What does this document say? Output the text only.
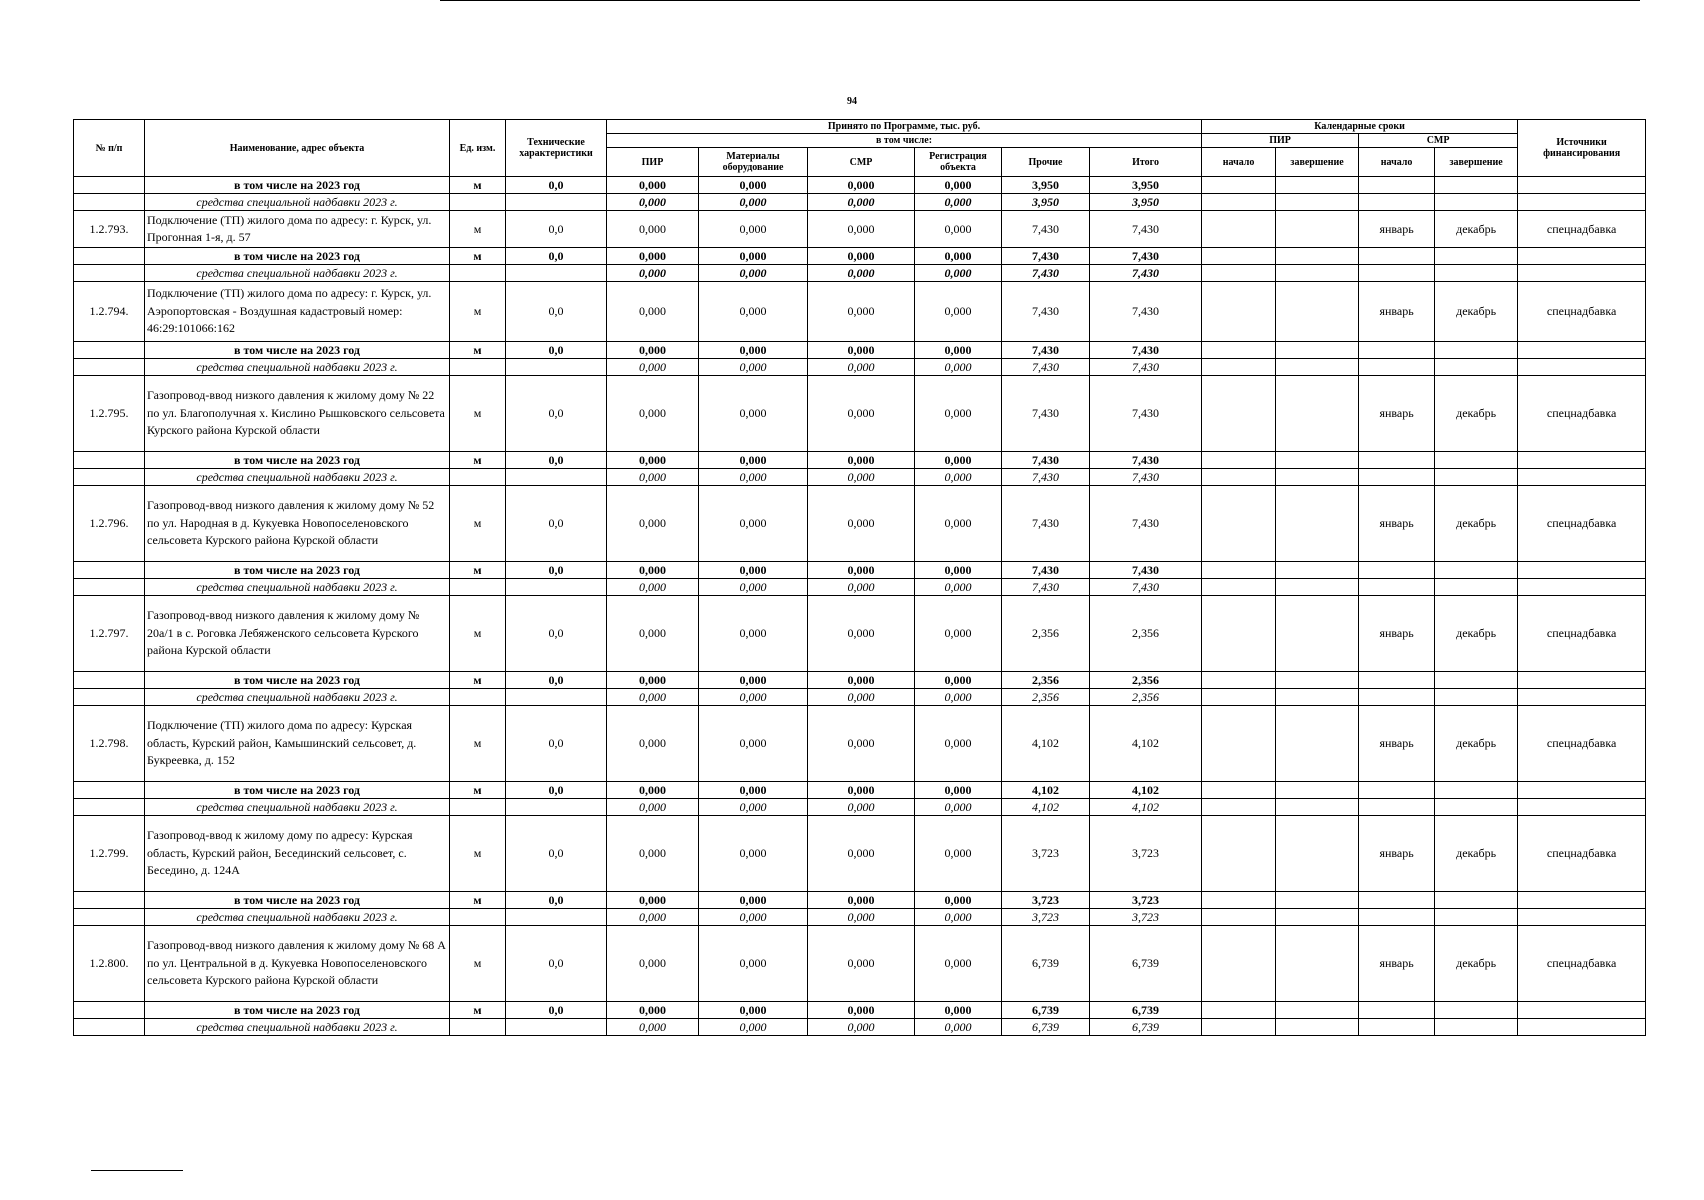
94
№ п/п	Наименование, адрес объекта	Ед. изм.	Технические характеристики	Принято по Программе, тыс. руб.						Календарные сроки				Источники финансирования
				в том числе:						ПИР		СМР		
				ПИР	Материалы оборудование	СМР	Регистрация объекта	Прочие	Итого	начало	завершение	начало	завершение	
	в том числе на 2023 год	м	0,0	0,000	0,000	0,000	0,000	3,950	3,950					
	средства специальной надбавки 2023 г.			0,000	0,000	0,000	0,000	3,950	3,950					
1.2.793.	Подключение (ТП) жилого дома по адресу: г. Курск, ул. Прогонная 1-я, д. 57	м	0,0	0,000	0,000	0,000	0,000	7,430	7,430			январь	декабрь	спецнадбавка
	в том числе на 2023 год	м	0,0	0,000	0,000	0,000	0,000	7,430	7,430					
	средства специальной надбавки 2023 г.			0,000	0,000	0,000	0,000	7,430	7,430					
1.2.794.	Подключение (ТП) жилого дома по адресу: г. Курск, ул. Аэропортовская - Воздушная кадастровый номер: 46:29:101066:162	м	0,0	0,000	0,000	0,000	0,000	7,430	7,430			январь	декабрь	спецнадбавка
	в том числе на 2023 год	м	0,0	0,000	0,000	0,000	0,000	7,430	7,430					
	средства специальной надбавки 2023 г.			0,000	0,000	0,000	0,000	7,430	7,430					
1.2.795.	Газопровод-ввод низкого давления к жилому дому № 22 по ул. Благополучная х. Кислино Рышковского сельсовета Курского района Курской области	м	0,0	0,000	0,000	0,000	0,000	7,430	7,430			январь	декабрь	спецнадбавка
	в том числе на 2023 год	м	0,0	0,000	0,000	0,000	0,000	7,430	7,430					
	средства специальной надбавки 2023 г.			0,000	0,000	0,000	0,000	7,430	7,430					
1.2.796.	Газопровод-ввод низкого давления к жилому дому № 52 по ул. Народная в д. Кукуевка Новопоселеновского сельсовета Курского района Курской области	м	0,0	0,000	0,000	0,000	0,000	7,430	7,430			январь	декабрь	спецнадбавка
	в том числе на 2023 год	м	0,0	0,000	0,000	0,000	0,000	7,430	7,430					
	средства специальной надбавки 2023 г.			0,000	0,000	0,000	0,000	7,430	7,430					
1.2.797.	Газопровод-ввод низкого давления к жилому дому № 20а/1 в с. Роговка Лебяженского сельсовета Курского района Курской области	м	0,0	0,000	0,000	0,000	0,000	2,356	2,356			январь	декабрь	спецнадбавка
	в том числе на 2023 год	м	0,0	0,000	0,000	0,000	0,000	2,356	2,356					
	средства специальной надбавки 2023 г.			0,000	0,000	0,000	0,000	2,356	2,356					
1.2.798.	Подключение (ТП) жилого дома по адресу: Курская область, Курский район, Камышинский сельсовет, д. Букреевка, д. 152	м	0,0	0,000	0,000	0,000	0,000	4,102	4,102			январь	декабрь	спецнадбавка
	в том числе на 2023 год	м	0,0	0,000	0,000	0,000	0,000	4,102	4,102					
	средства специальной надбавки 2023 г.			0,000	0,000	0,000	0,000	4,102	4,102					
1.2.799.	Газопровод-ввод к жилому дому по адресу: Курская область, Курский район, Бесединский сельсовет, с. Беседино, д. 124А	м	0,0	0,000	0,000	0,000	0,000	3,723	3,723			январь	декабрь	спецнадбавка
	в том числе на 2023 год	м	0,0	0,000	0,000	0,000	0,000	3,723	3,723					
	средства специальной надбавки 2023 г.			0,000	0,000	0,000	0,000	3,723	3,723					
1.2.800.	Газопровод-ввод низкого давления к жилому дому № 68 А по ул. Центральной в д. Кукуевка Новопоселеновского сельсовета Курского района Курской области	м	0,0	0,000	0,000	0,000	0,000	6,739	6,739			январь	декабрь	спецнадбавка
	в том числе на 2023 год	м	0,0	0,000	0,000	0,000	0,000	6,739	6,739					
	средства специальной надбавки 2023 г.			0,000	0,000	0,000	0,000	6,739	6,739					
